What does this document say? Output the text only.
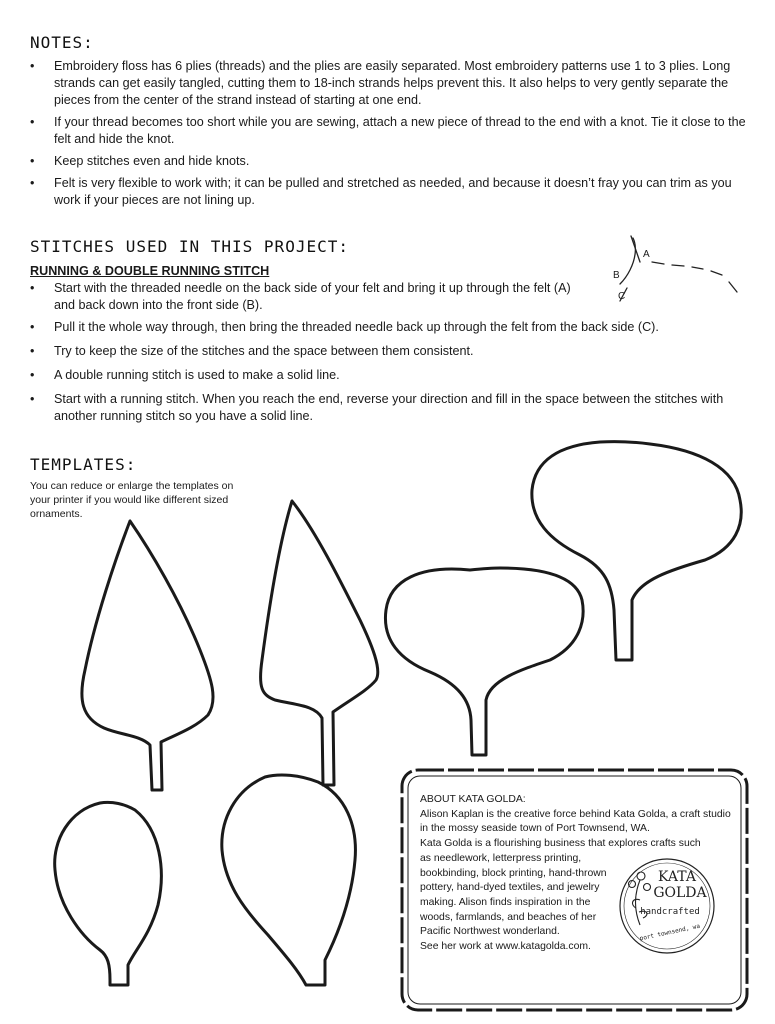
NOTES:
• Embroidery floss has 6 plies (threads) and the plies are easily separated. Most embroidery patterns use 1 to 3 plies. Long strands can get easily tangled, cutting them to 18-inch strands helps prevent this. It also helps to very gently separate the pieces from the center of the strand instead of starting at one end.
• If your thread becomes too short while you are sewing, attach a new piece of thread to the end with a knot. Tie it close to the felt and hide the knot.
• Keep stitches even and hide knots.
• Felt is very flexible to work with; it can be pulled and stretched as needed, and because it doesn’t fray you can trim as you work if your pieces are not lining up.
STITCHES USED IN THIS PROJECT:
RUNNING & DOUBLE RUNNING STITCH
• Start with the threaded needle on the back side of your felt and bring it up through the felt (A) and back down into the front side (B).
• Pull it the whole way through, then bring the threaded needle back up through the felt from the back side (C).
• Try to keep the size of the stitches and the space between them consistent.
• A double running stitch is used to make a solid line.
• Start with a running stitch. When you reach the end, reverse your direction and fill in the space between the stitches with another running stitch so you have a solid line.
A
B
C
TEMPLATES:
You can reduce or enlarge the templates on your printer if you would like different sized ornaments.
ABOUT KATA GOLDA:
Alison Kaplan is the creative force behind Kata Golda, a craft studio
in the mossy seaside town of Port Townsend, WA.
Kata Golda is a flourishing business that explores crafts such
as needlework, letterpress printing,
bookbinding, block printing, hand-thrown
pottery, hand-dyed textiles, and jewelry
making. Alison finds inspiration in the
woods, farmlands, and beaches of her
Pacific Northwest wonderland.
See her work at www.katagolda.com.
KATA
GOLDA
handcrafted
port townsend, wa
